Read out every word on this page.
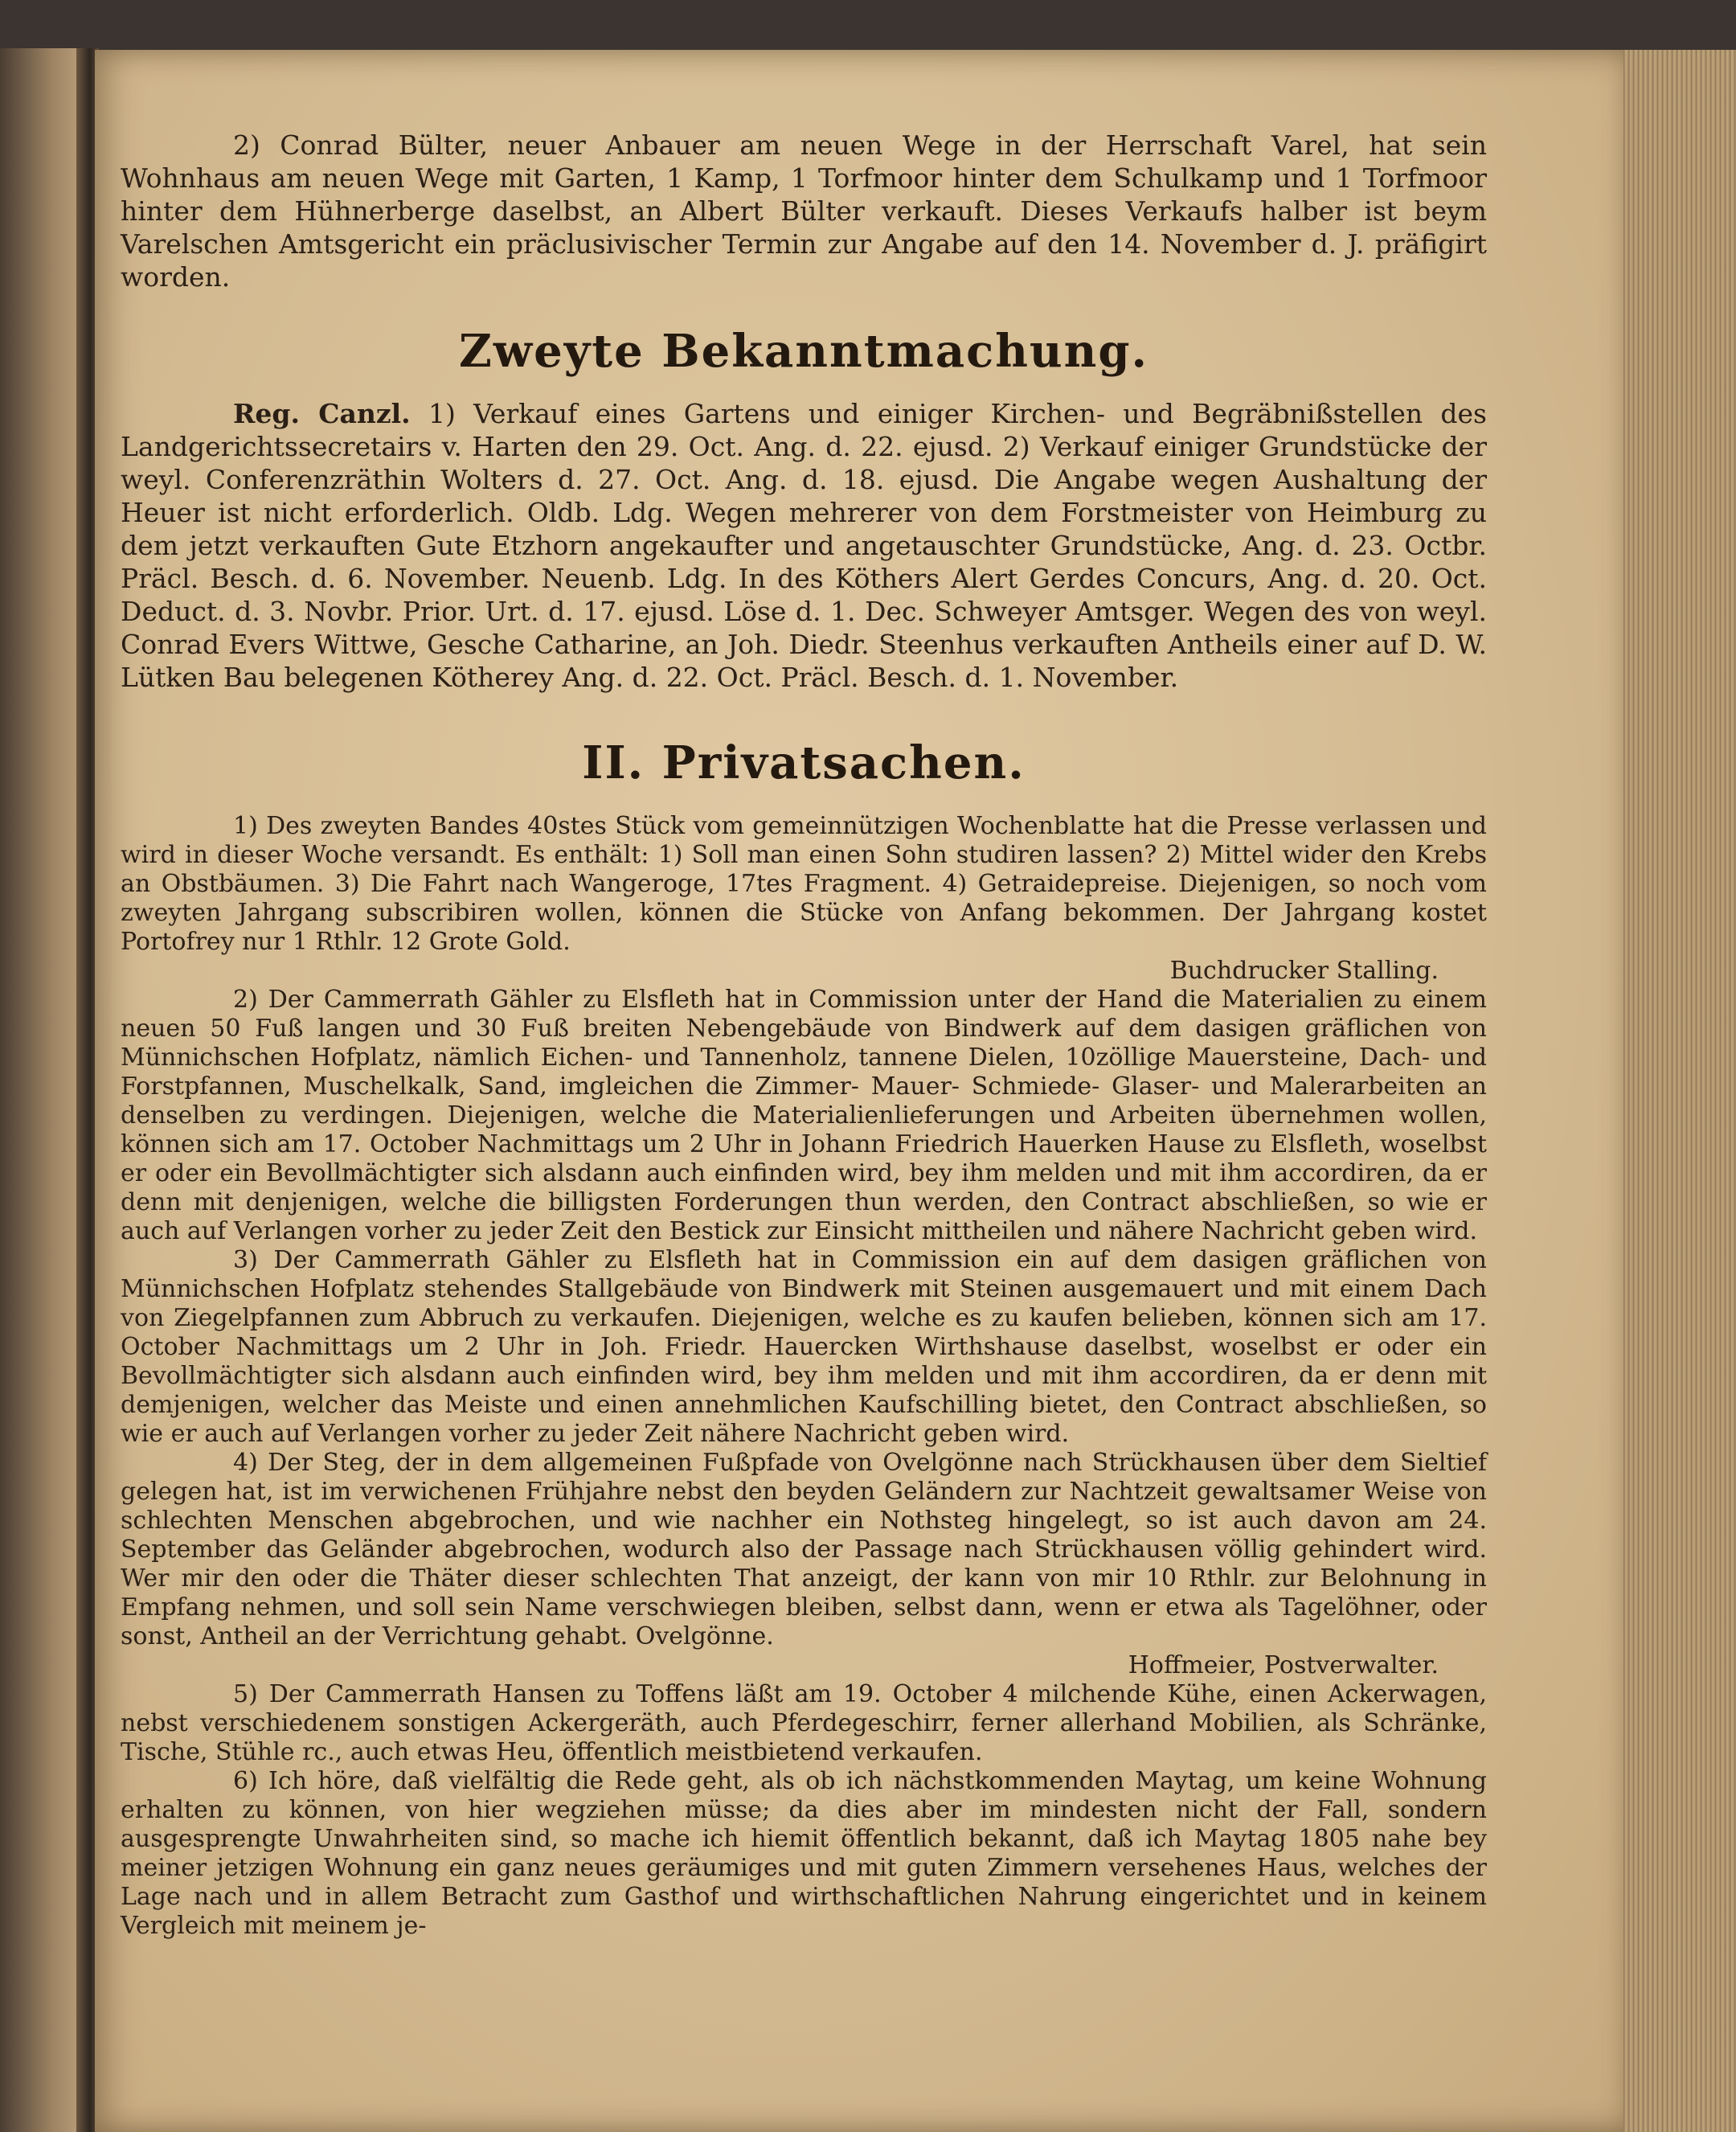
2) Conrad Bülter, neuer Anbauer am neuen Wege in der Herrschaft Varel, hat sein Wohnhaus am neuen Wege mit Garten, 1 Kamp, 1 Torfmoor hinter dem Schulkamp und 1 Torfmoor hinter dem Hühnerberge daselbst, an Albert Bülter verkauft. Dieses Verkaufs halber ist beym Varelschen Amtsgericht ein präclusivischer Termin zur Angabe auf den 14. November d. J. präfigirt worden.

Zweyte Bekanntmachung.

Reg. Canzl. 1) Verkauf eines Gartens und einiger Kirchen- und Begräbnißstellen des Landgerichtssecretairs v. Harten den 29. Oct. Ang. d. 22. ejusd. 2) Verkauf einiger Grundstücke der weyl. Conferenzräthin Wolters d. 27. Oct. Ang. d. 18. ejusd. Die Angabe wegen Aushaltung der Heuer ist nicht erforderlich. Oldb. Ldg. Wegen mehrerer von dem Forstmeister von Heimburg zu dem jetzt verkauften Gute Etzhorn angekaufter und angetauschter Grundstücke, Ang. d. 23. Octbr. Präcl. Besch. d. 6. November. Neuenb. Ldg. In des Köthers Alert Gerdes Concurs, Ang. d. 20. Oct. Deduct. d. 3. Novbr. Prior. Urt. d. 17. ejusd. Löse d. 1. Dec. Schweyer Amtsger. Wegen des von weyl. Conrad Evers Wittwe, Gesche Catharine, an Joh. Diedr. Steenhus verkauften Antheils einer auf D. W. Lütken Bau belegenen Kötherey Ang. d. 22. Oct. Präcl. Besch. d. 1. November.

II. Privatsachen.

1) Des zweyten Bandes 40stes Stück vom gemeinnützigen Wochenblatte hat die Presse verlassen und wird in dieser Woche versandt. Es enthält: 1) Soll man einen Sohn studiren lassen? 2) Mittel wider den Krebs an Obstbäumen. 3) Die Fahrt nach Wangeroge, 17tes Fragment. 4) Getraidepreise. Diejenigen, so noch vom zweyten Jahrgang subscribiren wollen, können die Stücke von Anfang bekommen. Der Jahrgang kostet Portofrey nur 1 Rthlr. 12 Grote Gold.

Buchdrucker Stalling.

2) Der Cammerrath Gähler zu Elsfleth hat in Commission unter der Hand die Materialien zu einem neuen 50 Fuß langen und 30 Fuß breiten Nebengebäude von Bindwerk auf dem dasigen gräflichen von Münnichschen Hofplatz, nämlich Eichen- und Tannenholz, tannene Dielen, 10zöllige Mauersteine, Dach- und Forstpfannen, Muschelkalk, Sand, imgleichen die Zimmer- Mauer- Schmiede- Glaser- und Malerarbeiten an denselben zu verdingen. Diejenigen, welche die Materialienlieferungen und Arbeiten übernehmen wollen, können sich am 17. October Nachmittags um 2 Uhr in Johann Friedrich Hauerken Hause zu Elsfleth, woselbst er oder ein Bevollmächtigter sich alsdann auch einfinden wird, bey ihm melden und mit ihm accordiren, da er denn mit denjenigen, welche die billigsten Forderungen thun werden, den Contract abschließen, so wie er auch auf Verlangen vorher zu jeder Zeit den Bestick zur Einsicht mittheilen und nähere Nachricht geben wird.

3) Der Cammerrath Gähler zu Elsfleth hat in Commission ein auf dem dasigen gräflichen von Münnichschen Hofplatz stehendes Stallgebäude von Bindwerk mit Steinen ausgemauert und mit einem Dach von Ziegelpfannen zum Abbruch zu verkaufen. Diejenigen, welche es zu kaufen belieben, können sich am 17. October Nachmittags um 2 Uhr in Joh. Friedr. Hauercken Wirthshause daselbst, woselbst er oder ein Bevollmächtigter sich alsdann auch einfinden wird, bey ihm melden und mit ihm accordiren, da er denn mit demjenigen, welcher das Meiste und einen annehmlichen Kaufschilling bietet, den Contract abschließen, so wie er auch auf Verlangen vorher zu jeder Zeit nähere Nachricht geben wird.

4) Der Steg, der in dem allgemeinen Fußpfade von Ovelgönne nach Strückhausen über dem Sieltief gelegen hat, ist im verwichenen Frühjahre nebst den beyden Geländern zur Nachtzeit gewaltsamer Weise von schlechten Menschen abgebrochen, und wie nachher ein Nothsteg hingelegt, so ist auch davon am 24. September das Geländer abgebrochen, wodurch also der Passage nach Strückhausen völlig gehindert wird. Wer mir den oder die Thäter dieser schlechten That anzeigt, der kann von mir 10 Rthlr. zur Belohnung in Empfang nehmen, und soll sein Name verschwiegen bleiben, selbst dann, wenn er etwa als Tagelöhner, oder sonst, Antheil an der Verrichtung gehabt. Ovelgönne.

Hoffmeier, Postverwalter.

5) Der Cammerrath Hansen zu Toffens läßt am 19. October 4 milchende Kühe, einen Ackerwagen, nebst verschiedenem sonstigen Ackergeräth, auch Pferdegeschirr, ferner allerhand Mobilien, als Schränke, Tische, Stühle rc., auch etwas Heu, öffentlich meistbietend verkaufen.

6) Ich höre, daß vielfältig die Rede geht, als ob ich nächstkommenden Maytag, um keine Wohnung erhalten zu können, von hier wegziehen müsse; da dies aber im mindesten nicht der Fall, sondern ausgesprengte Unwahrheiten sind, so mache ich hiemit öffentlich bekannt, daß ich Maytag 1805 nahe bey meiner jetzigen Wohnung ein ganz neues geräumiges und mit guten Zimmern versehenes Haus, welches der Lage nach und in allem Betracht zum Gasthof und wirthschaftlichen Nahrung eingerichtet und in keinem Vergleich mit meinem je-
